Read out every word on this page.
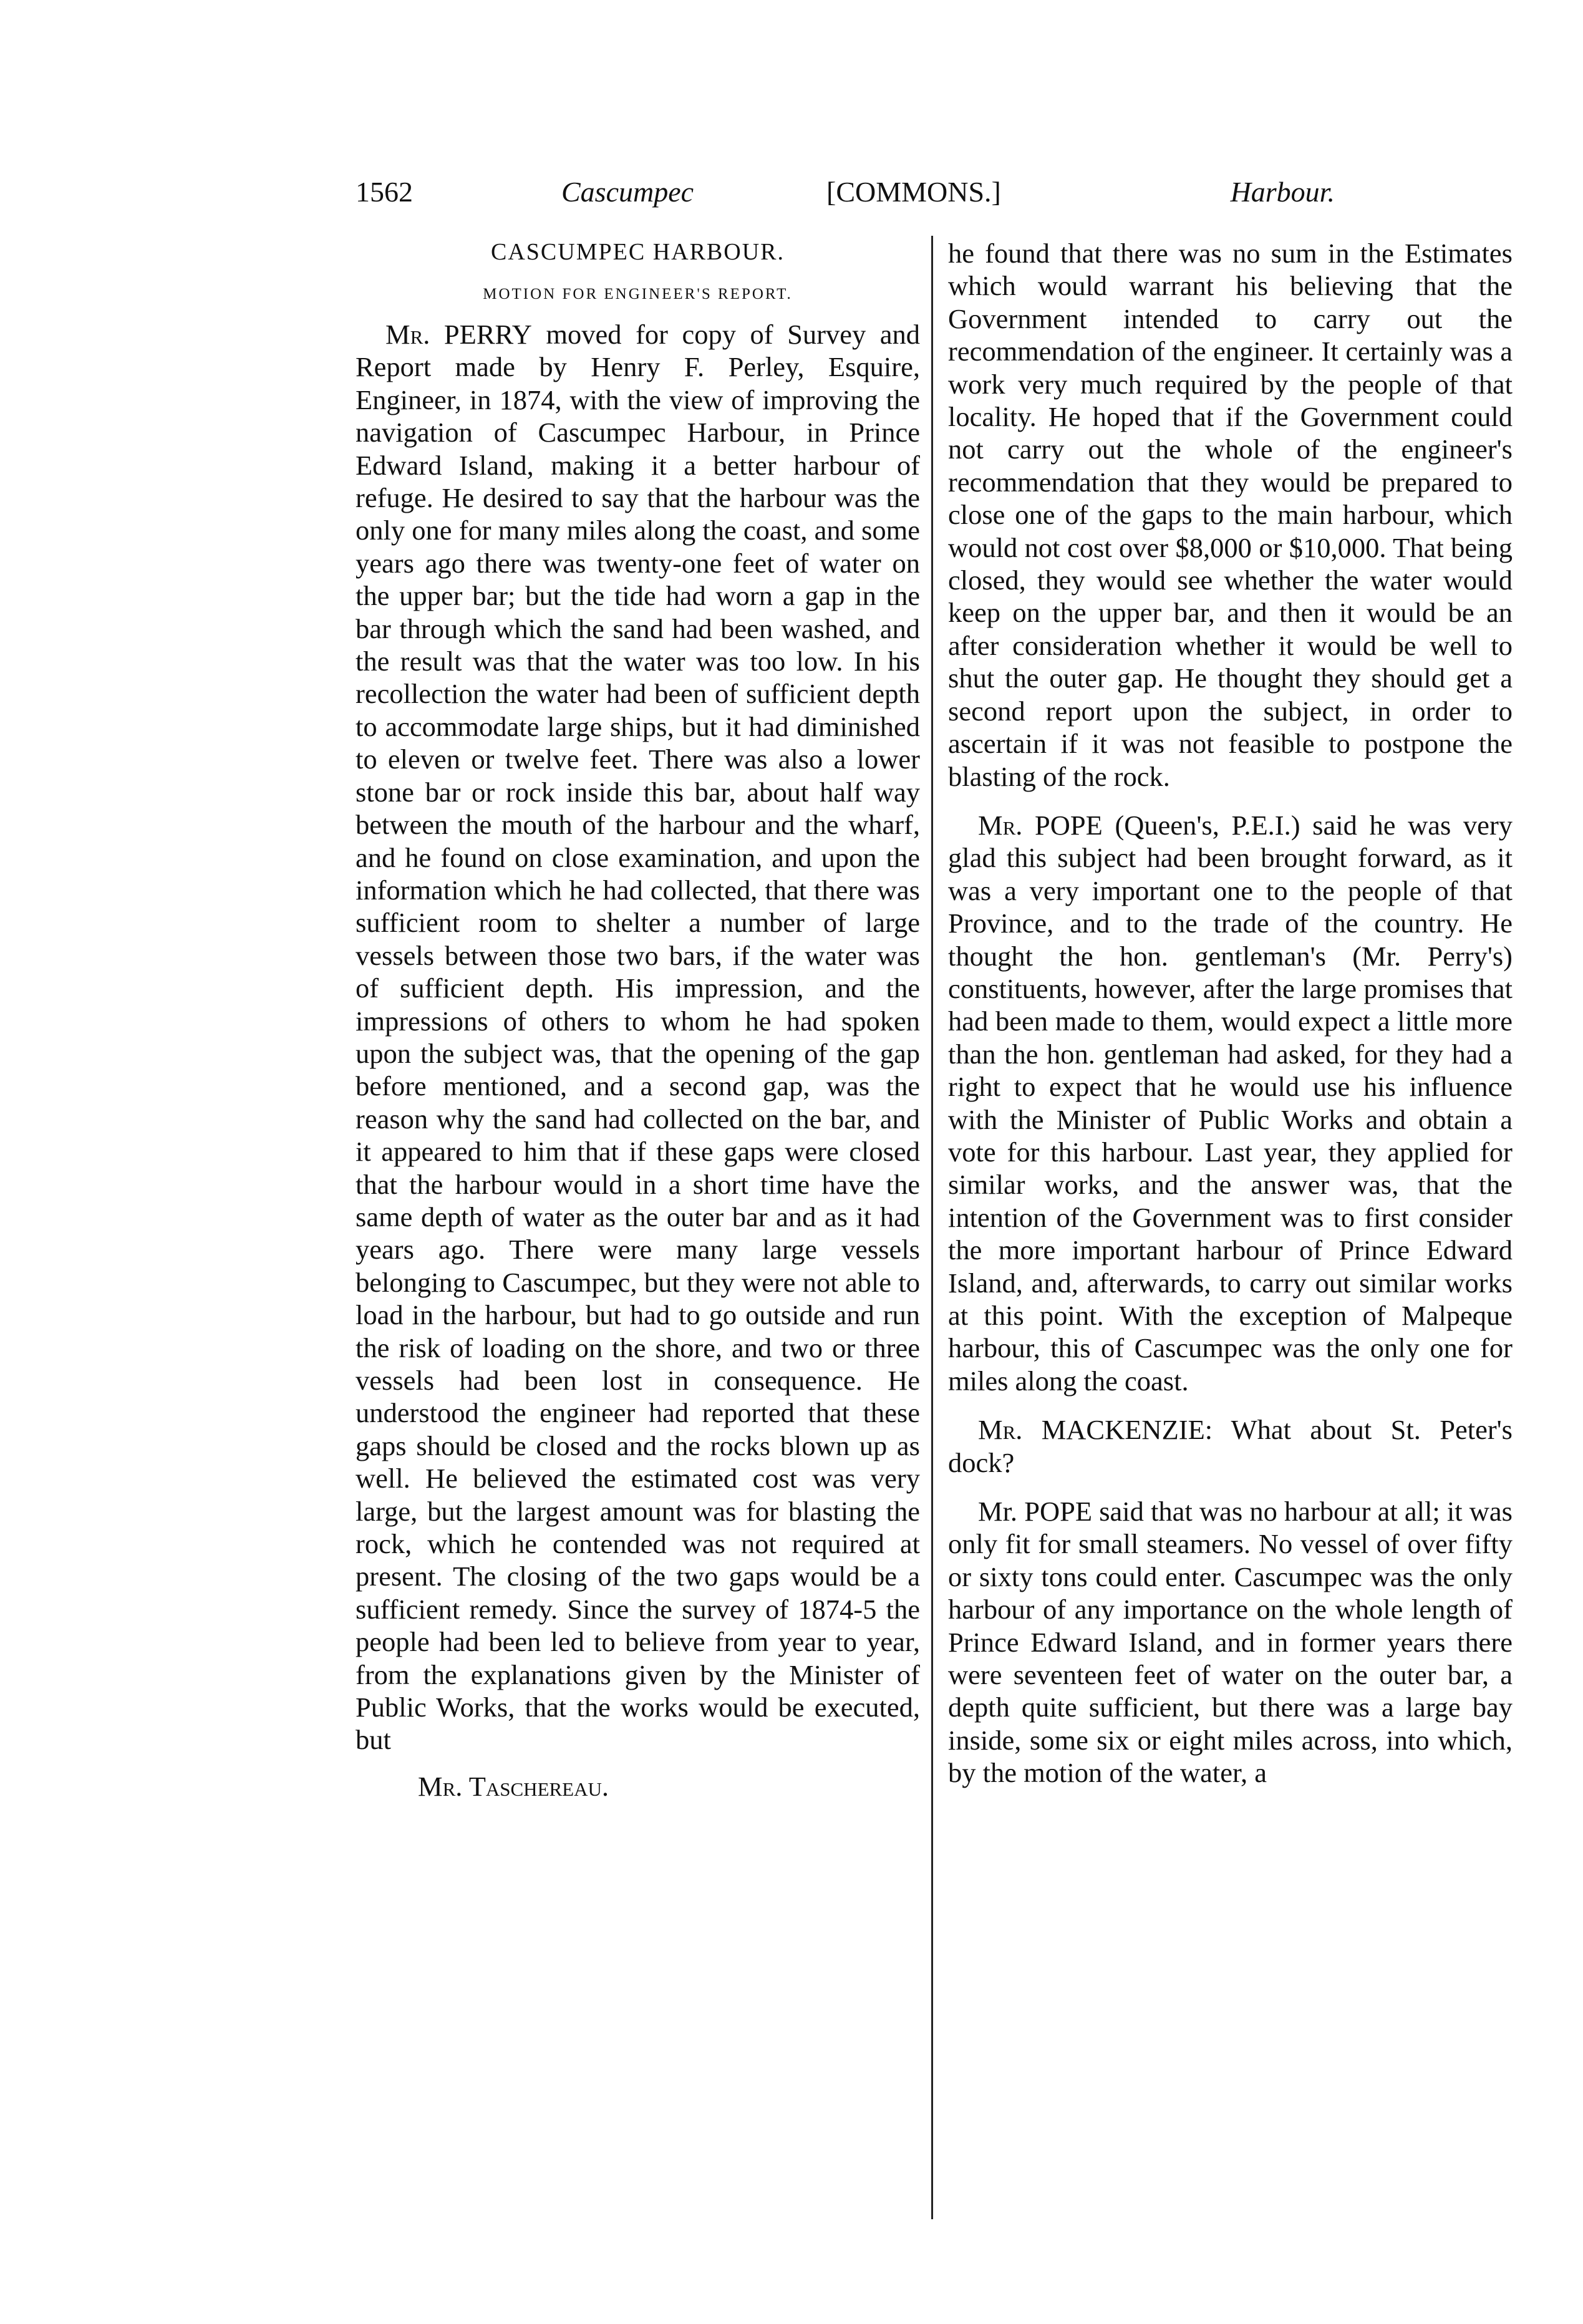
1562	Cascumpec	[COMMONS.]	Harbour.
CASCUMPEC HARBOUR.
MOTION FOR ENGINEER'S REPORT.

Mr. PERRY moved for copy of Survey and Report made by Henry F. Perley, Esquire, Engineer, in 1874, with the view of improving the navigation of Cascumpec Harbour, in Prince Edward Island, making it a better harbour of refuge. He desired to say that the harbour was the only one for many miles along the coast, and some years ago there was twenty-one feet of water on the upper bar; but the tide had worn a gap in the bar through which the sand had been washed, and the result was that the water was too low. In his recollection the water had been of sufficient depth to accommodate large ships, but it had diminished to eleven or twelve feet. There was also a lower stone bar or rock inside this bar, about half way between the mouth of the harbour and the wharf, and he found on close examination, and upon the information which he had collected, that there was sufficient room to shelter a number of large vessels between those two bars, if the water was of sufficient depth. His impression, and the impressions of others to whom he had spoken upon the subject was, that the opening of the gap before mentioned, and a second gap, was the reason why the sand had collected on the bar, and it appeared to him that if these gaps were closed that the harbour would in a short time have the same depth of water as the outer bar and as it had years ago. There were many large vessels belonging to Cascumpec, but they were not able to load in the harbour, but had to go outside and run the risk of loading on the shore, and two or three vessels had been lost in consequence. He understood the engineer had reported that these gaps should be closed and the rocks blown up as well. He believed the estimated cost was very large, but the largest amount was for blasting the rock, which he contended was not required at present. The closing of the two gaps would be a sufficient remedy. Since the survey of 1874-5 the people had been led to believe from year to year, from the explanations given by the Minister of Public Works, that the works would be executed, but

Mr. Taschereau.

he found that there was no sum in the Estimates which would warrant his believing that the Government intended to carry out the recommendation of the engineer. It certainly was a work very much required by the people of that locality. He hoped that if the Government could not carry out the whole of the engineer's recommendation that they would be prepared to close one of the gaps to the main harbour, which would not cost over $8,000 or $10,000. That being closed, they would see whether the water would keep on the upper bar, and then it would be an after consideration whether it would be well to shut the outer gap. He thought they should get a second report upon the subject, in order to ascertain if it was not feasible to postpone the blasting of the rock.

Mr. POPE (Queen's, P.E.I.) said he was very glad this subject had been brought forward, as it was a very important one to the people of that Province, and to the trade of the country. He thought the hon. gentleman's (Mr. Perry's) constituents, however, after the large promises that had been made to them, would expect a little more than the hon. gentleman had asked, for they had a right to expect that he would use his influence with the Minister of Public Works and obtain a vote for this harbour. Last year, they applied for similar works, and the answer was, that the intention of the Government was to first consider the more important harbour of Prince Edward Island, and, afterwards, to carry out similar works at this point. With the exception of Malpeque harbour, this of Cascumpec was the only one for miles along the coast.

Mr. MACKENZIE: What about St. Peter's dock?

Mr. POPE said that was no harbour at all; it was only fit for small steamers. No vessel of over fifty or sixty tons could enter. Cascumpec was the only harbour of any importance on the whole length of Prince Edward Island, and in former years there were seventeen feet of water on the outer bar, a depth quite sufficient, but there was a large bay inside, some six or eight miles across, into which, by the motion of the water, a
